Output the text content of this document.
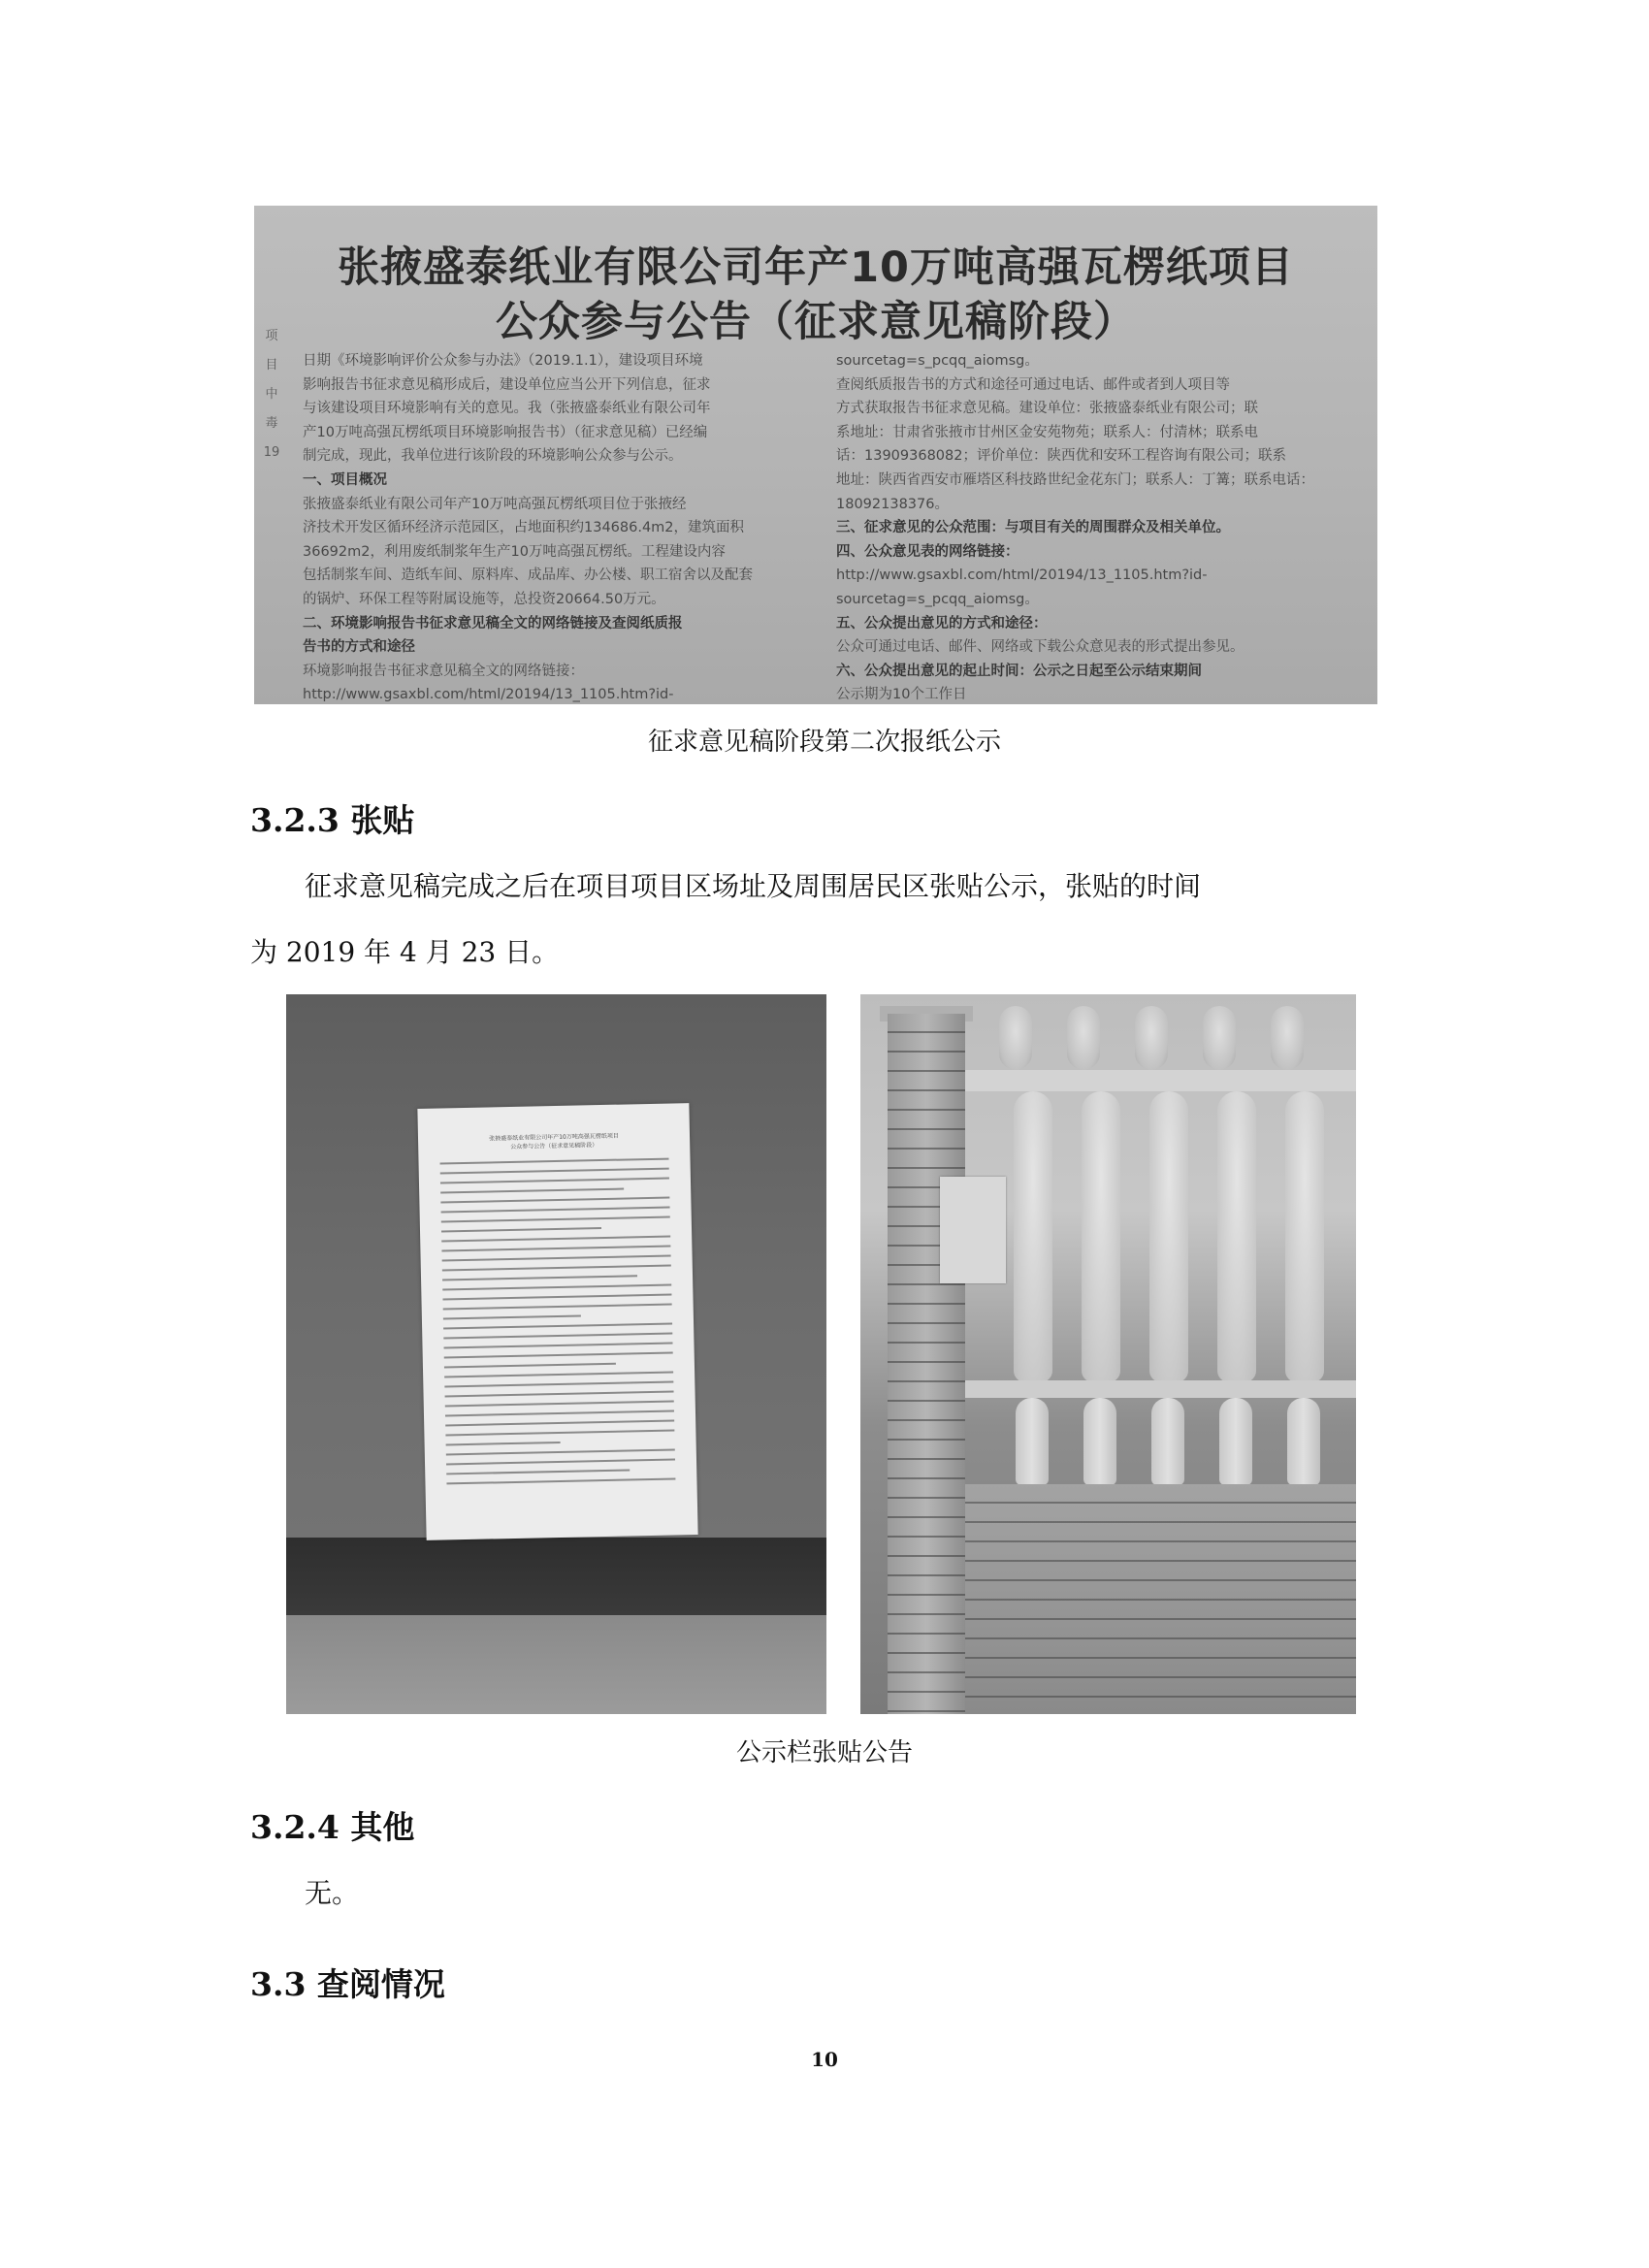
张掖盛泰纸业有限公司年产10万吨高强瓦楞纸项目
公众参与公告（征求意见稿阶段）
项
目
中
毒
19
日期《环境影响评价公众参与办法》（2019.1.1），建设项目环境
影响报告书征求意见稿形成后，建设单位应当公开下列信息，征求
与该建设项目环境影响有关的意见。我（张掖盛泰纸业有限公司年
产10万吨高强瓦楞纸项目环境影响报告书）（征求意见稿）已经编
制完成，现此，我单位进行该阶段的环境影响公众参与公示。
一、项目概况
张掖盛泰纸业有限公司年产10万吨高强瓦楞纸项目位于张掖经
济技术开发区循环经济示范园区，占地面积约134686.4m2，建筑面积
36692m2，利用废纸制浆年生产10万吨高强瓦楞纸。工程建设内容
包括制浆车间、造纸车间、原料库、成品库、办公楼、职工宿舍以及配套
的锅炉、环保工程等附属设施等，总投资20664.50万元。
二、环境影响报告书征求意见稿全文的网络链接及查阅纸质报
告书的方式和途径
环境影响报告书征求意见稿全文的网络链接：
http://www.gsaxbl.com/html/20194/13_1105.htm?id-
sourcetag=s_pcqq_aiomsg。
查阅纸质报告书的方式和途径可通过电话、邮件或者到人项目等
方式获取报告书征求意见稿。建设单位：张掖盛泰纸业有限公司；联
系地址：甘肃省张掖市甘州区金安苑物苑；联系人：付清林；联系电
话：13909368082；评价单位：陕西优和安环工程咨询有限公司；联系
地址：陕西省西安市雁塔区科技路世纪金花东门；联系人：丁篝；联系电话：
18092138376。
三、征求意见的公众范围：与项目有关的周围群众及相关单位。
四、公众意见表的网络链接：
http://www.gsaxbl.com/html/20194/13_1105.htm?id-
sourcetag=s_pcqq_aiomsg。
五、公众提出意见的方式和途径：
公众可通过电话、邮件、网络或下载公众意见表的形式提出参见。
六、公众提出意见的起止时间：公示之日起至公示结束期间
公示期为10个工作日
征求意见稿阶段第二次报纸公示
3.2.3 张贴
征求意见稿完成之后在项目项目区场址及周围居民区张贴公示，张贴的时间
为 2019 年 4 月 23 日。
张掖盛泰纸业有限公司年产10万吨高强瓦楞纸项目
公众参与公告（征求意见稿阶段）
公示栏张贴公告
3.2.4 其他
无。
3.3 查阅情况
10
